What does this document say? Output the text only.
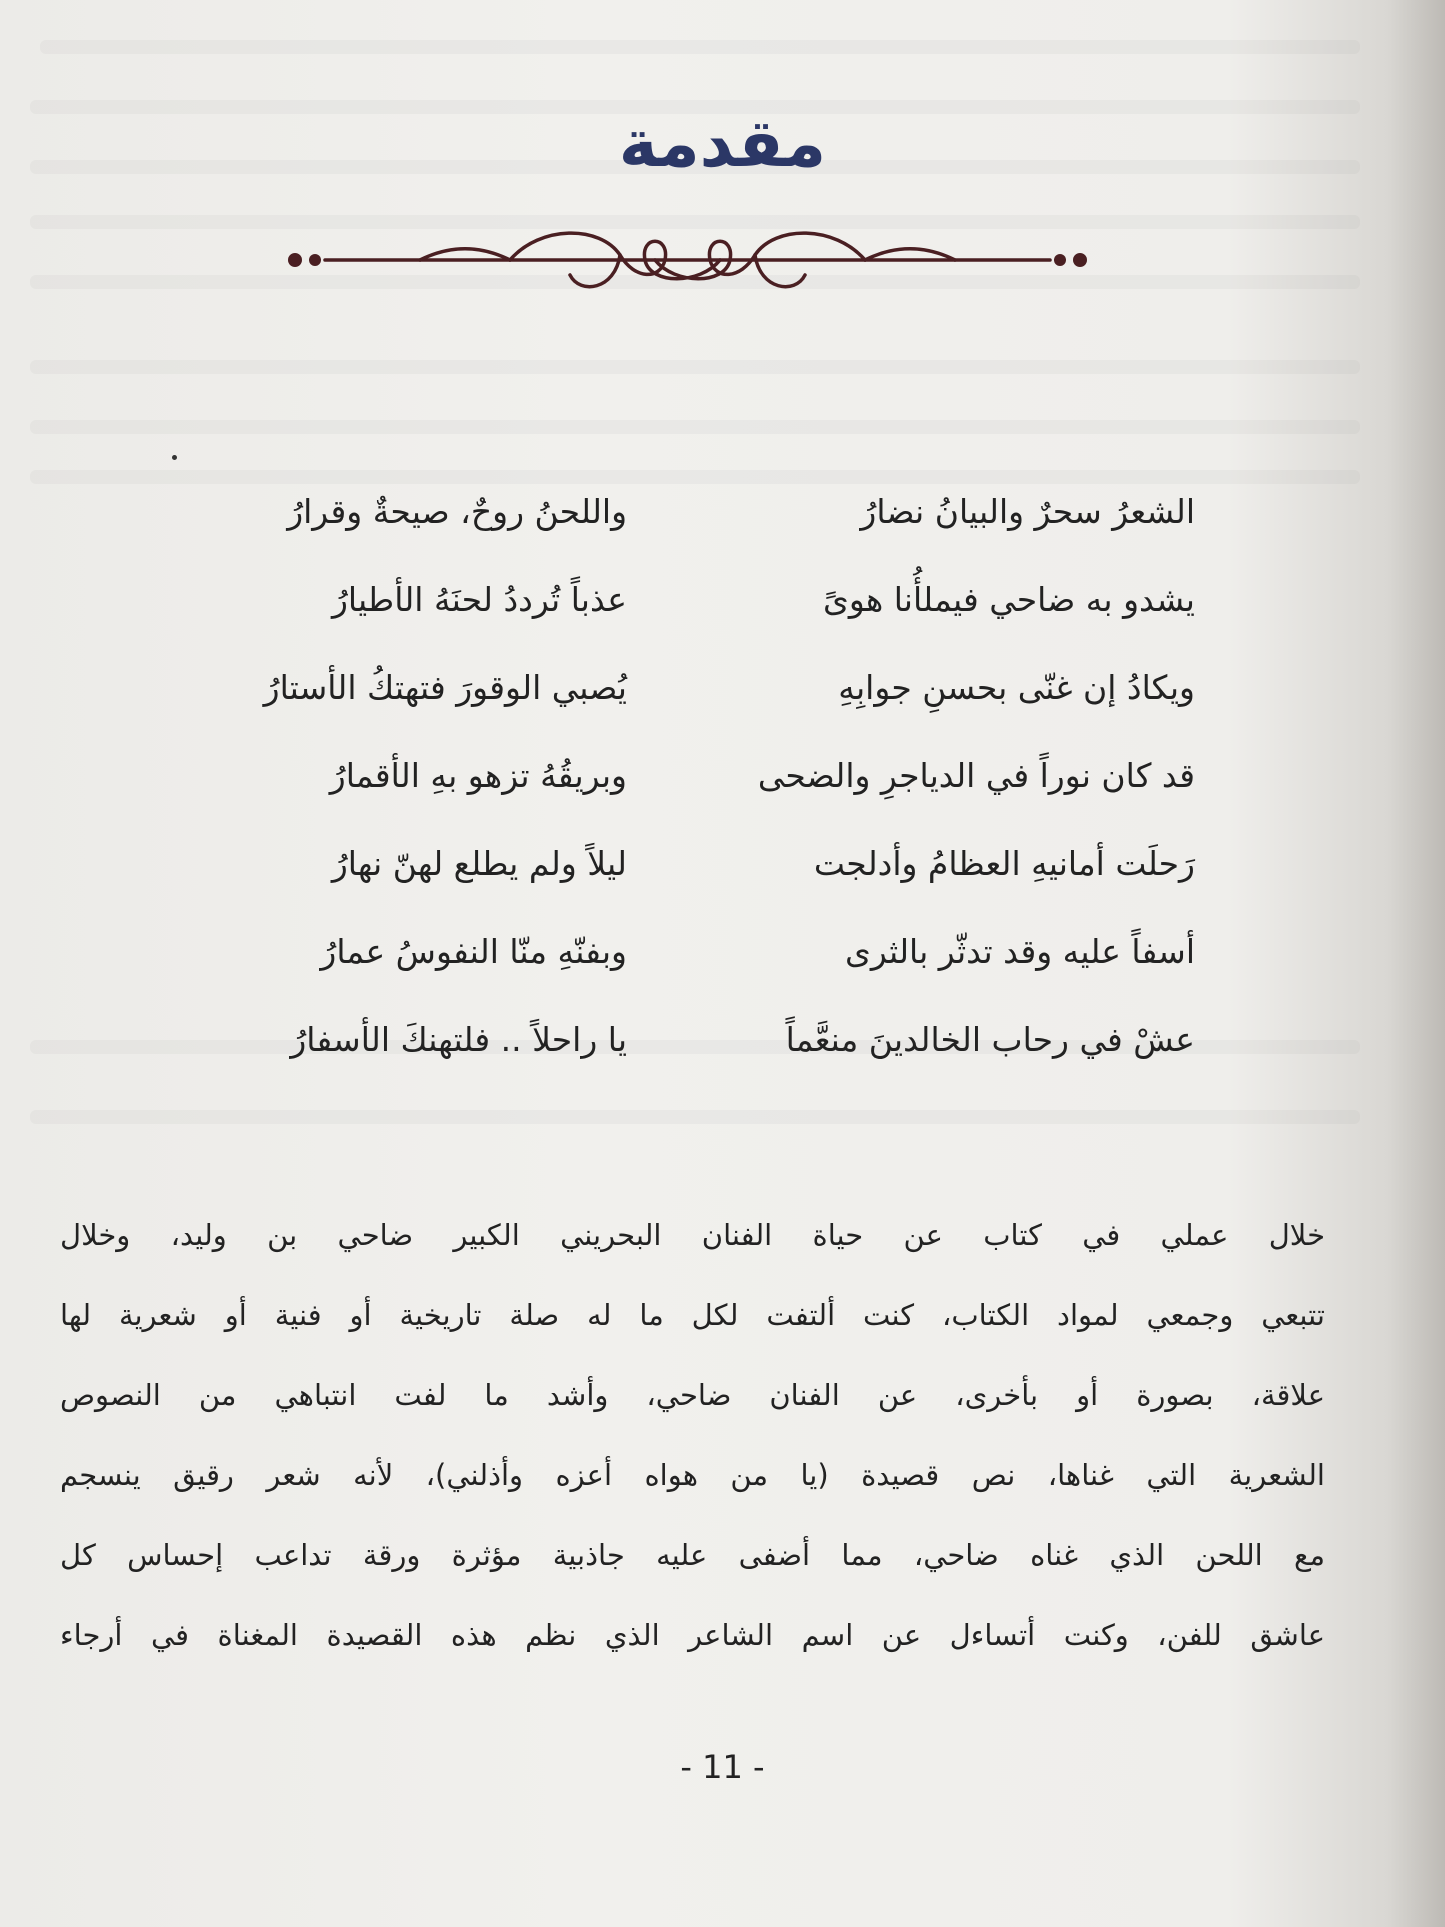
مقدمة
الشعرُ سحرٌ والبيانُ نضارُ
واللحنُ روحٌ، صيحةٌ وقرارُ
يشدو به ضاحي فيملأُنا هوىً
عذباً تُرددُ لحنَهُ الأطيارُ
ويكادُ إن غنّى بحسنِ جوابِهِ
يُصبي الوقورَ فتهتكُ الأستارُ
قد كان نوراً في الدياجرِ والضحى
وبريقُهُ تزهو بهِ الأقمارُ
رَحلَت أمانيهِ العظامُ وأدلجت
ليلاً ولم يطلع لهنّ نهارُ
أسفاً عليه وقد تدثّر بالثرى
وبفنّهِ منّا النفوسُ عمارُ
عشْ في رحاب الخالدينَ منعَّماً
يا راحلاً .. فلتهنكَ الأسفارُ
خلال عملي في كتاب عن حياة الفنان البحريني الكبير ضاحي بن وليد، وخلال
تتبعي وجمعي لمواد الكتاب، كنت ألتفت لكل ما له صلة تاريخية أو فنية أو شعرية لها
علاقة، بصورة أو بأخرى، عن الفنان ضاحي، وأشد ما لفت انتباهي من النصوص
الشعرية التي غناها، نص قصيدة (يا من هواه أعزه وأذلني)، لأنه شعر رقيق ينسجم
مع اللحن الذي غناه ضاحي، مما أضفى عليه جاذبية مؤثرة ورقة تداعب إحساس كل
عاشق للفن، وكنت أتساءل عن اسم الشاعر الذي نظم هذه القصيدة المغناة في أرجاء
- 11 -
